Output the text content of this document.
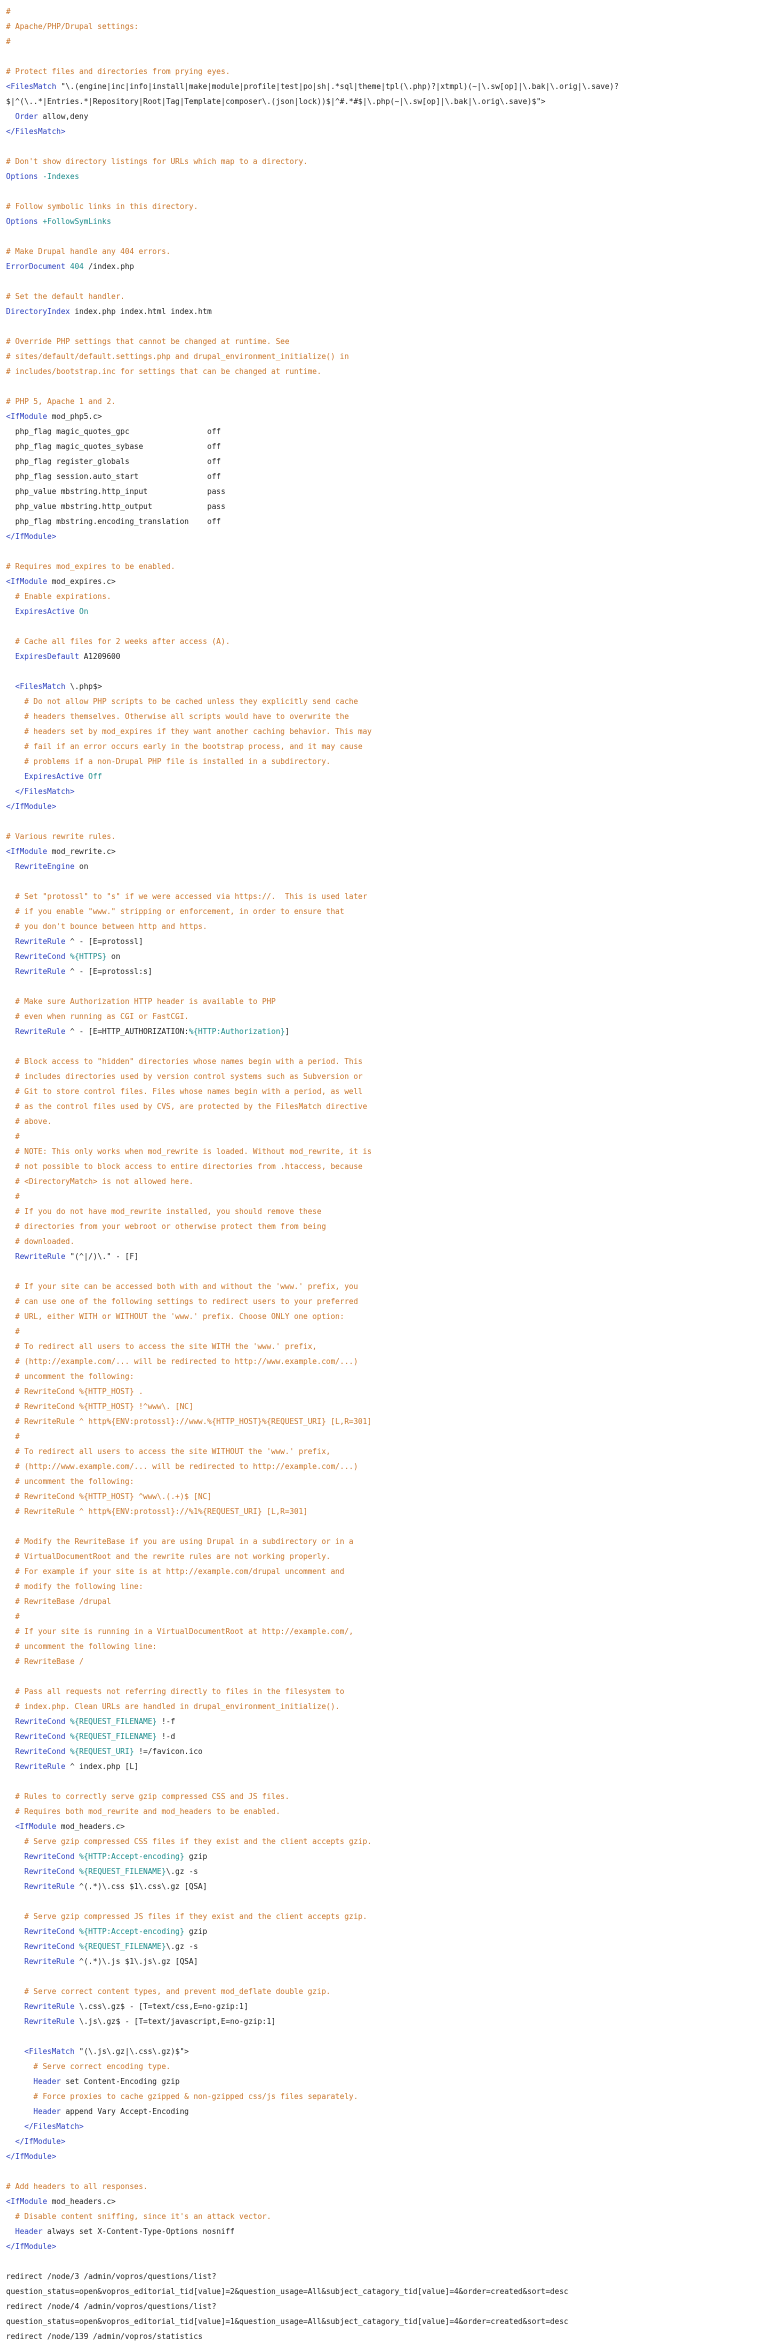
#
# Apache/PHP/Drupal settings:
#
# Protect files and directories from prying eyes.
<FilesMatch "\.(engine|inc|info|install|make|module|profile|test|po|sh|.*sql|theme|tpl(\.php)?|xtmpl)(~|\.sw[op]|\.bak|\.orig|\.save)?
$|^(\..*|Entries.*|Repository|Root|Tag|Template|composer\.(json|lock))$|^#.*#$|\.php(~|\.sw[op]|\.bak|\.orig\.save)$">
Order allow,deny
</FilesMatch>
# Don't show directory listings for URLs which map to a directory.
Options -Indexes
# Follow symbolic links in this directory.
Options +FollowSymLinks
# Make Drupal handle any 404 errors.
ErrorDocument 404 /index.php
# Set the default handler.
DirectoryIndex index.php index.html index.htm
# Override PHP settings that cannot be changed at runtime. See
# sites/default/default.settings.php and drupal_environment_initialize() in
# includes/bootstrap.inc for settings that can be changed at runtime.
# PHP 5, Apache 1 and 2.
<IfModule mod_php5.c>
php_flag magic_quotes_gpc                 off
php_flag magic_quotes_sybase              off
php_flag register_globals                 off
php_flag session.auto_start               off
php_value mbstring.http_input             pass
php_value mbstring.http_output            pass
php_flag mbstring.encoding_translation    off
</IfModule>
# Requires mod_expires to be enabled.
<IfModule mod_expires.c>
# Enable expirations.
ExpiresActive On
# Cache all files for 2 weeks after access (A).
ExpiresDefault A1209600
<FilesMatch \.php$>
# Do not allow PHP scripts to be cached unless they explicitly send cache
# headers themselves. Otherwise all scripts would have to overwrite the
# headers set by mod_expires if they want another caching behavior. This may
# fail if an error occurs early in the bootstrap process, and it may cause
# problems if a non-Drupal PHP file is installed in a subdirectory.
ExpiresActive Off
</FilesMatch>
</IfModule>
# Various rewrite rules.
<IfModule mod_rewrite.c>
RewriteEngine on
# Set "protossl" to "s" if we were accessed via https://.  This is used later
# if you enable "www." stripping or enforcement, in order to ensure that
# you don't bounce between http and https.
RewriteRule ^ - [E=protossl]
RewriteCond %{HTTPS} on
RewriteRule ^ - [E=protossl:s]
# Make sure Authorization HTTP header is available to PHP
# even when running as CGI or FastCGI.
RewriteRule ^ - [E=HTTP_AUTHORIZATION:%{HTTP:Authorization}]
# Block access to "hidden" directories whose names begin with a period. This
# includes directories used by version control systems such as Subversion or
# Git to store control files. Files whose names begin with a period, as well
# as the control files used by CVS, are protected by the FilesMatch directive
# above.
#
# NOTE: This only works when mod_rewrite is loaded. Without mod_rewrite, it is
# not possible to block access to entire directories from .htaccess, because
# <DirectoryMatch> is not allowed here.
#
# If you do not have mod_rewrite installed, you should remove these
# directories from your webroot or otherwise protect them from being
# downloaded.
RewriteRule "(^|/)\." - [F]
# If your site can be accessed both with and without the 'www.' prefix, you
# can use one of the following settings to redirect users to your preferred
# URL, either WITH or WITHOUT the 'www.' prefix. Choose ONLY one option:
#
# To redirect all users to access the site WITH the 'www.' prefix,
# (http://example.com/... will be redirected to http://www.example.com/...)
# uncomment the following:
# RewriteCond %{HTTP_HOST} .
# RewriteCond %{HTTP_HOST} !^www\. [NC]
# RewriteRule ^ http%{ENV:protossl}://www.%{HTTP_HOST}%{REQUEST_URI} [L,R=301]
#
# To redirect all users to access the site WITHOUT the 'www.' prefix,
# (http://www.example.com/... will be redirected to http://example.com/...)
# uncomment the following:
# RewriteCond %{HTTP_HOST} ^www\.(.+)$ [NC]
# RewriteRule ^ http%{ENV:protossl}://%1%{REQUEST_URI} [L,R=301]
# Modify the RewriteBase if you are using Drupal in a subdirectory or in a
# VirtualDocumentRoot and the rewrite rules are not working properly.
# For example if your site is at http://example.com/drupal uncomment and
# modify the following line:
# RewriteBase /drupal
#
# If your site is running in a VirtualDocumentRoot at http://example.com/,
# uncomment the following line:
# RewriteBase /
# Pass all requests not referring directly to files in the filesystem to
# index.php. Clean URLs are handled in drupal_environment_initialize().
RewriteCond %{REQUEST_FILENAME} !-f
RewriteCond %{REQUEST_FILENAME} !-d
RewriteCond %{REQUEST_URI} !=/favicon.ico
RewriteRule ^ index.php [L]
# Rules to correctly serve gzip compressed CSS and JS files.
# Requires both mod_rewrite and mod_headers to be enabled.
<IfModule mod_headers.c>
# Serve gzip compressed CSS files if they exist and the client accepts gzip.
RewriteCond %{HTTP:Accept-encoding} gzip
RewriteCond %{REQUEST_FILENAME}\.gz -s
RewriteRule ^(.*)\.css $1\.css\.gz [QSA]
# Serve gzip compressed JS files if they exist and the client accepts gzip.
RewriteCond %{HTTP:Accept-encoding} gzip
RewriteCond %{REQUEST_FILENAME}\.gz -s
RewriteRule ^(.*)\.js $1\.js\.gz [QSA]
# Serve correct content types, and prevent mod_deflate double gzip.
RewriteRule \.css\.gz$ - [T=text/css,E=no-gzip:1]
RewriteRule \.js\.gz$ - [T=text/javascript,E=no-gzip:1]
<FilesMatch "(\.js\.gz|\.css\.gz)$">
# Serve correct encoding type.
Header set Content-Encoding gzip
# Force proxies to cache gzipped & non-gzipped css/js files separately.
Header append Vary Accept-Encoding
</FilesMatch>
</IfModule>
</IfModule>
# Add headers to all responses.
<IfModule mod_headers.c>
# Disable content sniffing, since it's an attack vector.
Header always set X-Content-Type-Options nosniff
</IfModule>
redirect /node/3 /admin/vopros/questions/list?
question_status=open&vopros_editorial_tid[value]=2&question_usage=All&subject_catagory_tid[value]=4&order=created&sort=desc
redirect /node/4 /admin/vopros/questions/list?
question_status=open&vopros_editorial_tid[value]=1&question_usage=All&subject_catagory_tid[value]=4&order=created&sort=desc
redirect /node/139 /admin/vopros/statistics
